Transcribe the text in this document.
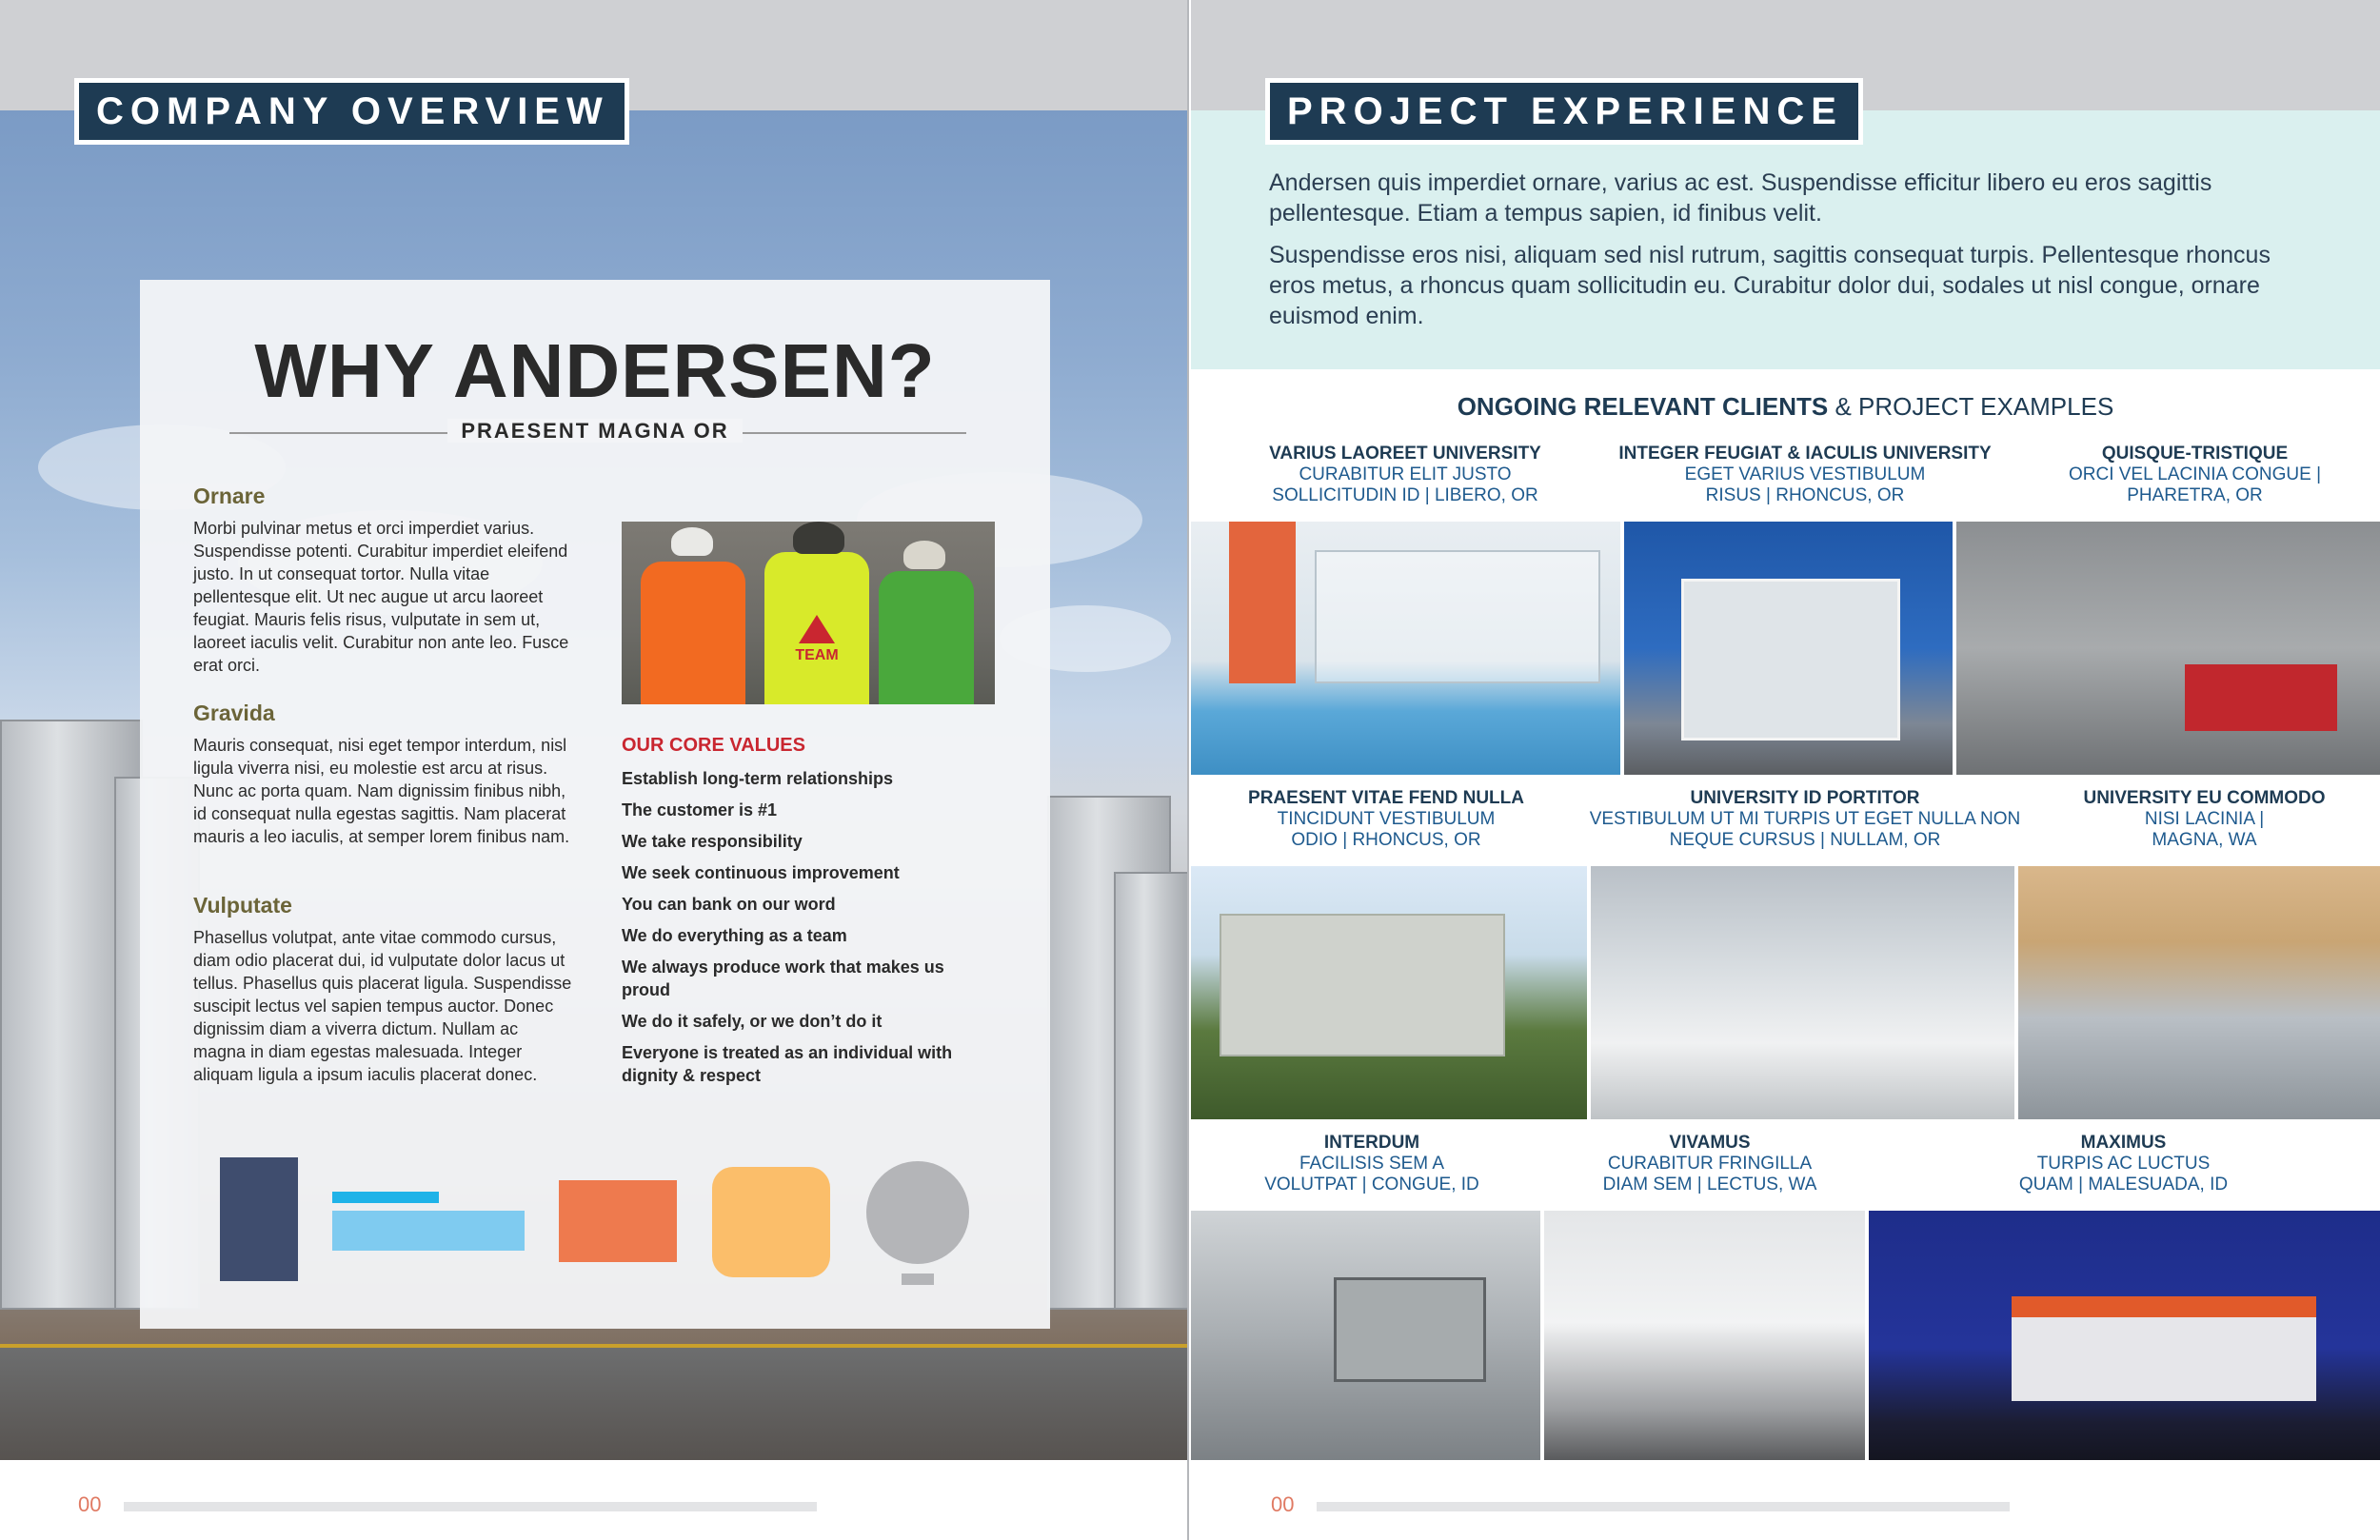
COMPANY OVERVIEW
WHY ANDERSEN?
PRAESENT MAGNA OR
Ornare

Morbi pulvinar metus et orci imperdiet varius. Suspendisse potenti. Curabitur imperdiet eleifend justo. In ut consequat tortor. Nulla vitae pellentesque elit. Ut nec augue ut arcu laoreet feugiat. Mauris felis risus, vulputate in sem ut, laoreet iaculis velit. Curabitur non ante leo. Fusce erat orci.

Gravida

Mauris consequat, nisi eget tempor interdum, nisl ligula viverra nisi, eu molestie est arcu at risus. Nunc ac porta quam. Nam dignissim finibus nibh, id consequat nulla egestas sagittis. Nam placerat mauris a leo iaculis, at semper lorem finibus nam.

Vulputate

Phasellus volutpat, ante vitae commodo cursus, diam odio placerat dui, id vulputate dolor lacus ut tellus. Phasellus quis placerat ligula. Suspendisse suscipit lectus vel sapien tempus auctor. Donec dignissim diam a viverra dictum. Nullam ac magna in diam egestas malesuada. Integer aliquam ligula a ipsum iaculis placerat donec.

TEAM
OUR CORE VALUES
Establish long-term relationships
The customer is #1
We take responsibility
We seek continuous improvement
You can bank on our word
We do everything as a team
We always produce work that makes us proud
We do it safely, or we don’t do it
Everyone is treated as an individual with dignity & respect
00
PROJECT EXPERIENCE

Andersen quis imperdiet ornare, varius ac est. Suspendisse efficitur libero eu eros sagittis pellentesque. Etiam a tempus sapien, id finibus velit.

Suspendisse eros nisi, aliquam sed nisl rutrum, sagittis consequat turpis. Pellentesque rhoncus eros metus, a rhoncus quam sollicitudin eu. Curabitur dolor dui, sodales ut nisl congue, ornare euismod enim.

ONGOING RELEVANT CLIENTS & PROJECT EXAMPLES
VARIUS LAOREET UNIVERSITY
CURABITUR ELIT JUSTO
SOLLICITUDIN ID | LIBERO, OR
INTEGER FEUGIAT & IACULIS UNIVERSITY
EGET VARIUS VESTIBULUM
RISUS | RHONCUS, OR
QUISQUE-TRISTIQUE
ORCI VEL LACINIA CONGUE |
PHARETRA, OR
PRAESENT VITAE FEND NULLA
TINCIDUNT VESTIBULUM
ODIO | RHONCUS, OR
UNIVERSITY ID PORTITOR
VESTIBULUM UT MI TURPIS UT EGET NULLA NON
NEQUE CURSUS | NULLAM, OR
UNIVERSITY EU COMMODO
NISI LACINIA |
MAGNA, WA
INTERDUM
FACILISIS SEM A
VOLUTPAT | CONGUE, ID
VIVAMUS
CURABITUR FRINGILLA
DIAM SEM | LECTUS, WA
MAXIMUS
TURPIS AC LUCTUS
QUAM | MALESUADA, ID
00
